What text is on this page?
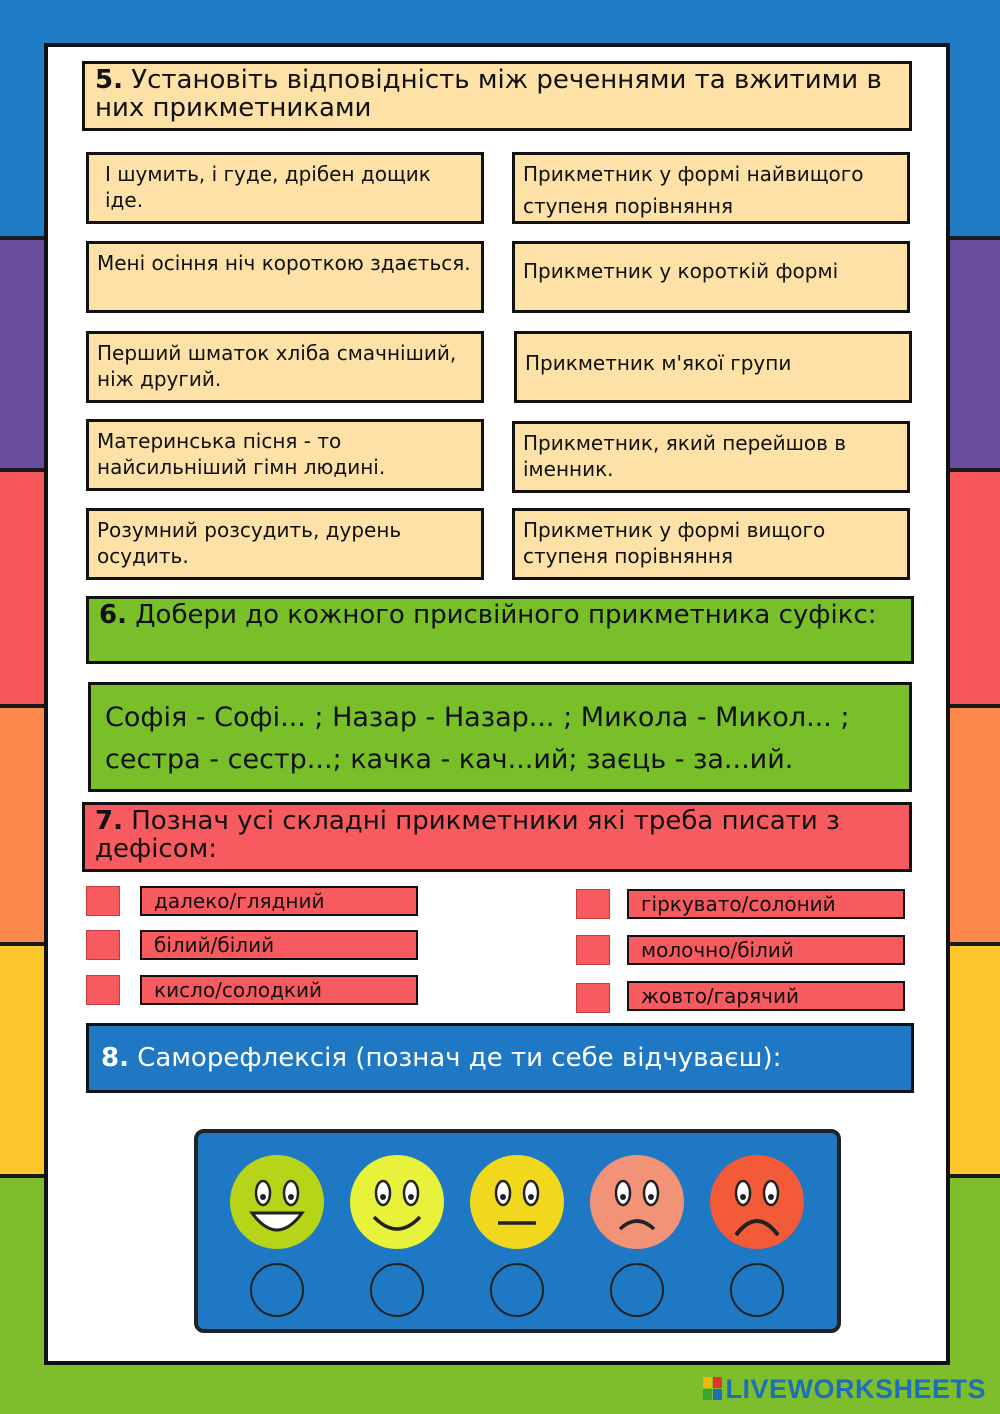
5. Установіть відповідність між реченнями та вжитими в них прикметниками
І шумить, і гуде, дрібен дощик іде.
Мені осіння ніч короткою здається.
Перший шматок хліба смачніший, ніж другий.
Материнська пісня - то найсильніший гімн людині.
Розумний розсудить, дурень осудить.
Прикметник у формі найвищого ступеня порівняння
Прикметник у короткій формі
Прикметник м'якої групи
Прикметник, який перейшов в іменник.
Прикметник у формі вищого ступеня порівняння
6. Добери до кожного присвійного прикметника суфікс:
Софія - Софі... ; Назар - Назар... ; Микола - Микол... ;
сестра - сестр...; качка - кач...ий; заєць - за...ий.
7. Познач усі складні прикметники які треба писати з дефісом:
далеко/глядний
білий/білий
кисло/солодкий
гіркувато/солоний
молочно/білий
жовто/гарячий
8. Саморефлексія (познач де ти себе відчуваєш):
LIVEWORKSHEETS
